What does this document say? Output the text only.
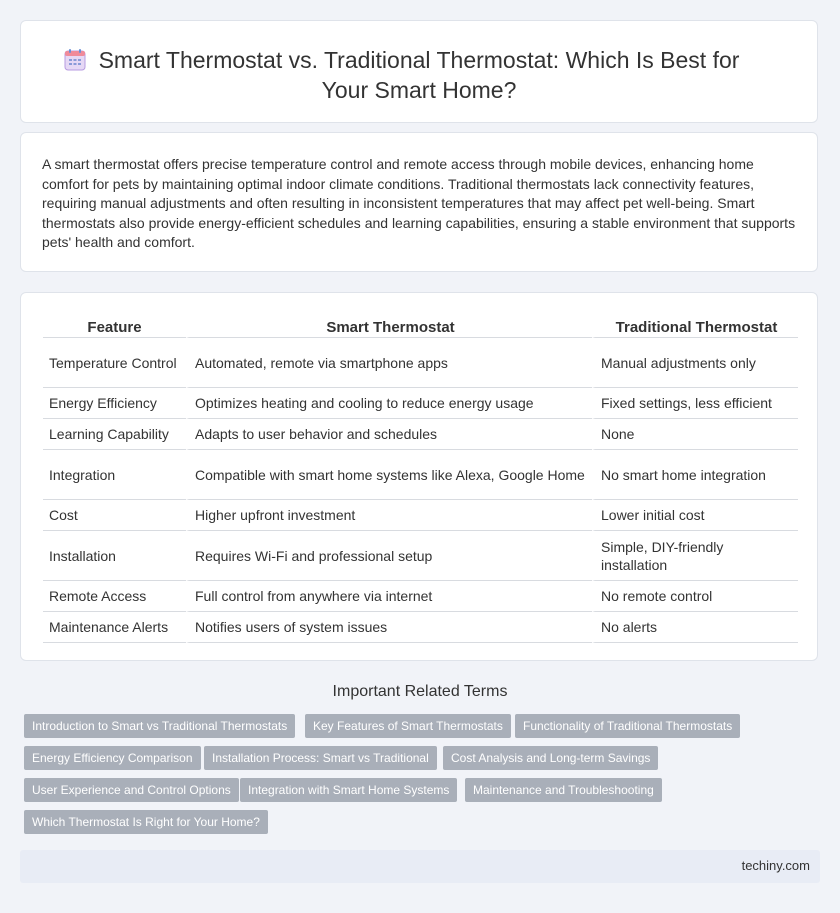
Smart Thermostat vs. Traditional Thermostat: Which Is Best for
Your Smart Home?

A smart thermostat offers precise temperature control and remote access through mobile devices, enhancing home comfort for pets by maintaining optimal indoor climate conditions. Traditional thermostats lack connectivity features, requiring manual adjustments and often resulting in inconsistent temperatures that may affect pet well-being. Smart thermostats also provide energy-efficient schedules and learning capabilities, ensuring a stable environment that supports pets' health and comfort.

Feature	Smart Thermostat	Traditional Thermostat
Temperature Control	Automated, remote via smartphone apps	Manual adjustments only
Energy Efficiency	Optimizes heating and cooling to reduce energy usage	Fixed settings, less efficient
Learning Capability	Adapts to user behavior and schedules	None
Integration	Compatible with smart home systems like Alexa, Google Home	No smart home integration
Cost	Higher upfront investment	Lower initial cost
Installation	Requires Wi-Fi and professional setup	Simple, DIY-friendly installation
Remote Access	Full control from anywhere via internet	No remote control
Maintenance Alerts	Notifies users of system issues	No alerts
Important Related Terms
Introduction to Smart vs Traditional Thermostats	Key Features of Smart Thermostats	Functionality of Traditional Thermostats
Energy Efficiency Comparison	Installation Process: Smart vs Traditional	Cost Analysis and Long-term Savings
User Experience and Control Options	Integration with Smart Home Systems	Maintenance and Troubleshooting
Which Thermostat Is Right for Your Home?
techiny.com
